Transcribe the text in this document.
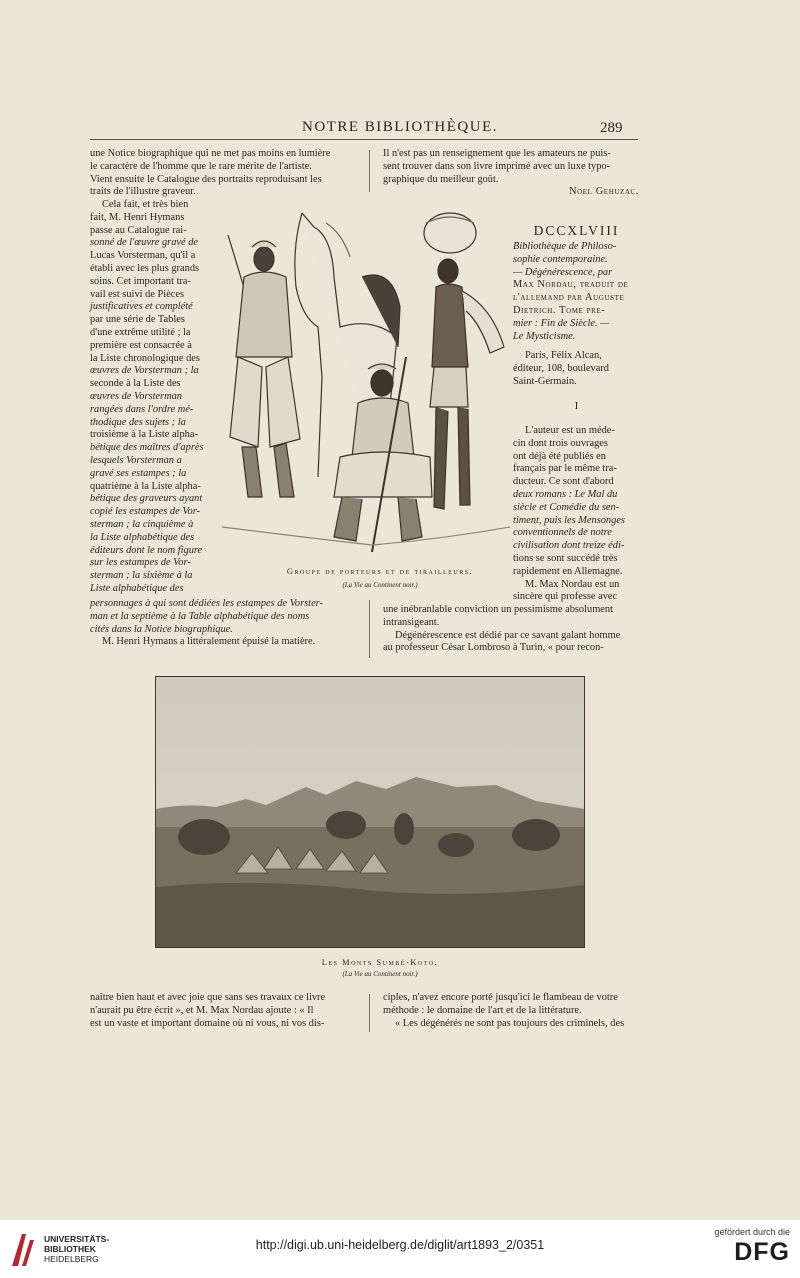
NOTRE BIBLIOTHÈQUE.	289

une Notice biographique qui ne met pas moins en lumière

le caractère de l'homme que le rare mérite de l'artiste.

Vient ensuite le Catalogue des portraits reproduisant les

traits de l'illustre graveur.

Cela fait, et très bien

fait, M. Henri Hymans

passe au Catalogue rai-

sonné de l'œuvre gravé de

Lucas Vorsterman, qu'il a

établi avec les plus grands

soins. Cet important tra-

vail est suivi de Pièces

justificatives et complété

par une série de Tables

d'une extrême utilité ; la

première est consacrée à

la Liste chronologique des

œuvres de Vorsterman ; la

seconde à la Liste des

œuvres de Vorsterman

rangées dans l'ordre mé-

thodique des sujets ; la

troisième à la Liste alpha-

bétique des maîtres d'après

lesquels Vorsterman a

gravé ses estampes ; la

quatrième à la Liste alpha-

bétique des graveurs ayant

copié les estampes de Vor-

sterman ; la cinquième à

la Liste alphabétique des

éditeurs dont le nom figure

sur les estampes de Vor-

sterman ; la sixième à la

Liste alphabétique des

personnages à qui sont dédiées les estampes de Vorster-

man et la septième à la Table alphabétique des noms

cités dans la Notice biographique.

M. Henri Hymans a littéralement épuisé la matière.

Il n'est pas un renseignement que les amateurs ne puis-

sent trouver dans son livre imprimé avec un luxe typo-

graphique du meilleur goût.

Noel Gehuzac.
DCCXLVIII

Bibliothèque de Philoso-

sophie contemporaine.

— Dégénérescence, par

Max Nordau, traduit de

l'allemand par Auguste

Dietrich. Tome pre-

mier : Fin de Siècle. —

Le Mysticisme.

Paris, Félix Alcan,

éditeur, 108, boulevard

Saint-Germain.

I

L'auteur est un méde-

cin dont trois ouvrages

ont déjà été publiés en

français par le même tra-

ducteur. Ce sont d'abord

deux romans : Le Mal du

siècle et Comédie du sen-

timent, puis les Mensonges

conventionnels de notre

civilisation dont treize édi-

tions se sont succédé très

rapidement en Allemagne.

M. Max Nordau est un

sincère qui professe avec

une inébranlable conviction un pessimisme absolument

intransigeant.

Dégénérescence est dédié par ce savant galant homme

au professeur César Lombroso à Turin, « pour recon-

Groupe de porteurs et de tirailleurs.
(La Vie au Continent noir.)
Les Monts Sumbé-Koto.
(La Vie au Continent noir.)

naître bien haut et avec joie que sans ses travaux ce livre

n'aurait pu être écrit », et M. Max Nordau ajoute : « Il

est un vaste et important domaine où ni vous, ni vos dis-

ciples, n'avez encore porté jusqu'ici le flambeau de votre

méthode : le domaine de l'art et de la littérature.

« Les dégénérés ne sont pas toujours des criminels, des

UNIVERSITÄTS-
BIBLIOTHEK
HEIDELBERG
http://digi.ub.uni-heidelberg.de/diglit/art1893_2/0351
gefördert durch die
DFG
